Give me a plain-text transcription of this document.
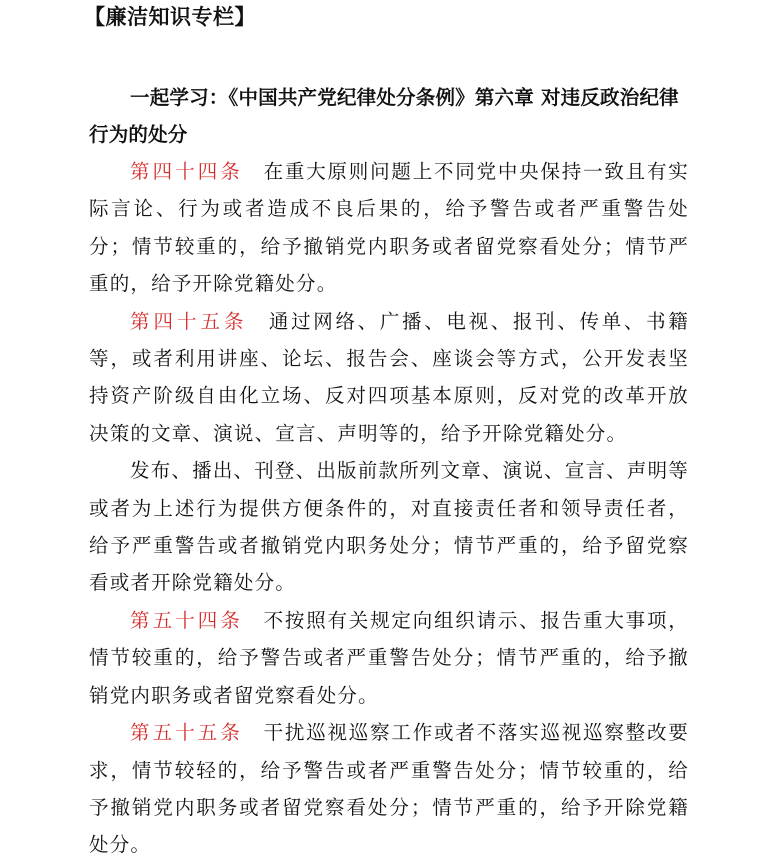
【廉洁知识专栏】

一起学习：《中国共产党纪律处分条例》第六章 对违反政治纪律行为的处分

第四十四条 在重大原则问题上不同党中央保持一致且有实际言论、行为或者造成不良后果的，给予警告或者严重警告处分；情节较重的，给予撤销党内职务或者留党察看处分；情节严重的，给予开除党籍处分。

第四十五条 通过网络、广播、电视、报刊、传单、书籍等，或者利用讲座、论坛、报告会、座谈会等方式，公开发表坚持资产阶级自由化立场、反对四项基本原则，反对党的改革开放决策的文章、演说、宣言、声明等的，给予开除党籍处分。

发布、播出、刊登、出版前款所列文章、演说、宣言、声明等或者为上述行为提供方便条件的，对直接责任者和领导责任者，给予严重警告或者撤销党内职务处分；情节严重的，给予留党察看或者开除党籍处分。

第五十四条 不按照有关规定向组织请示、报告重大事项，情节较重的，给予警告或者严重警告处分；情节严重的，给予撤销党内职务或者留党察看处分。

第五十五条 干扰巡视巡察工作或者不落实巡视巡察整改要求，情节较轻的，给予警告或者严重警告处分；情节较重的，给予撤销党内职务或者留党察看处分；情节严重的，给予开除党籍处分。
